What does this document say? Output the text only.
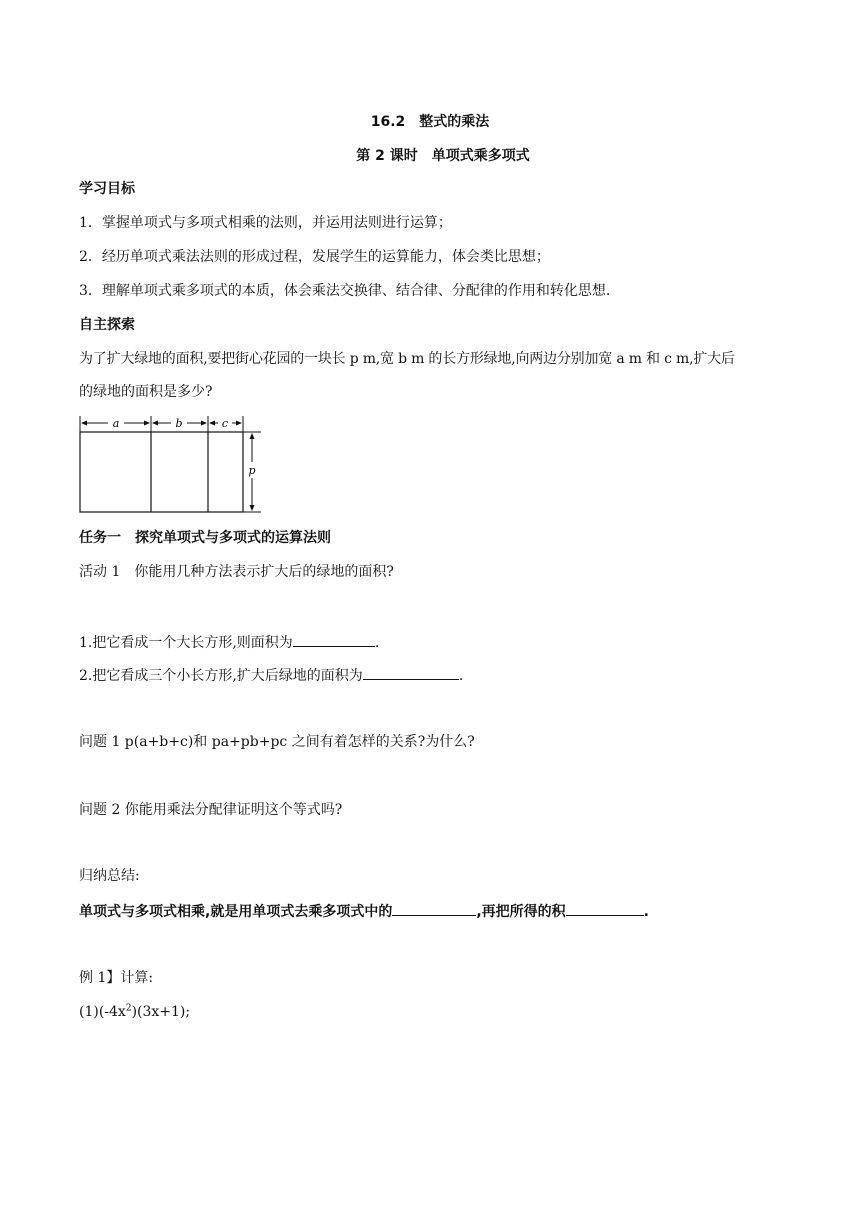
16.2　整式的乘法
第 2 课时　单项式乘多项式
学习目标
1．掌握单项式与多项式相乘的法则，并运用法则进行运算；
2．经历单项式乘法法则的形成过程，发展学生的运算能力，体会类比思想；
3．理解单项式乘多项式的本质，体会乘法交换律、结合律、分配律的作用和转化思想.
自主探索
为了扩大绿地的面积,要把街心花园的一块长 p m,宽 b m 的长方形绿地,向两边分别加宽 a m 和 c m,扩大后
的绿地的面积是多少?
a	b	c
p
任务一　探究单项式与多项式的运算法则
活动 1　你能用几种方法表示扩大后的绿地的面积?
1.把它看成一个大长方形,则面积为	.
2.把它看成三个小长方形,扩大后绿地的面积为	.
问题 1 p(a+b+c)和 pa+pb+pc 之间有着怎样的关系?为什么?
问题 2 你能用乘法分配律证明这个等式吗?
归纳总结:
单项式与多项式相乘,就是用单项式去乘多项式中的	,再把所得的积	.
例 1】计算:
$(1)(-4x^2)(3x+1)$;
